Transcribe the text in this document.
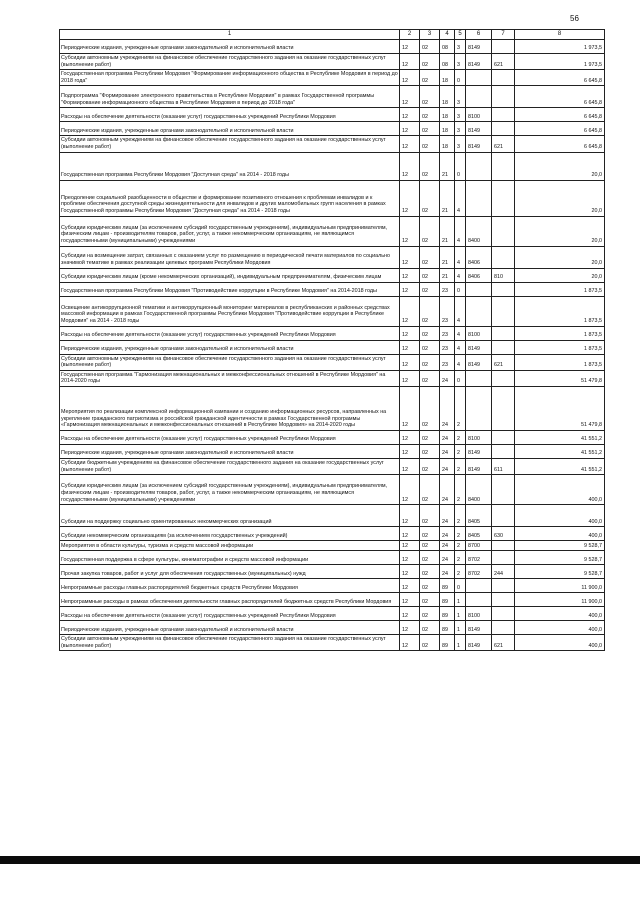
56
1	2	3	4	5	6	7	8
Периодические издания, учрежденные органами законодательной и исполнительной власти	12	02	08	3	8149		1 973,5
Субсидии автономным учреждениям на финансовое обеспечение государственного задания на оказание государственных услуг (выполнение работ)	12	02	08	3	8149	621	1 973,5
Государственная программа Республики Мордовия "Формирование информационного общества в Республике Мордовия в период до 2018 года"	12	02	18	0			6 645,8
Подпрограмма "Формирование электронного правительства в Республике Мордовия" в рамках Государственной программы "Формирование информационного общества в Республике Мордовия в период до 2018 года"	12	02	18	3			6 645,8
Расходы на обеспечение деятельности (оказание услуг) государственных учреждений Республики Мордовия	12	02	18	3	8100		6 645,8
Периодические издания, учрежденные органами законодательной и исполнительной власти	12	02	18	3	8149		6 645,8
Субсидии автономным учреждениям на финансовое обеспечение государственного задания на оказание государственных услуг (выполнение работ)	12	02	18	3	8149	621	6 645,8
Государственная программа Республики Мордовия "Доступная среда" на 2014 - 2018 годы	12	02	21	0			20,0
Преодоление социальной разобщенности в обществе и формирование позитивного отношения к проблемам инвалидов и к проблеме обеспечения доступной среды жизнедеятельности для инвалидов и других маломобильных групп населения в рамках Государственной программы Республики Мордовия "Доступная среда" на 2014 - 2018 годы	12	02	21	4			20,0
Субсидии юридическим лицам (за исключением субсидий государственным учреждениям), индивидуальным предпринимателям, физическим лицам - производителям товаров, работ, услуг, а также некоммерческим организациям, не являющимся государственными (муниципальными) учреждениями	12	02	21	4	8400		20,0
Субсидии на возмещение затрат, связанных с оказанием услуг по размещению в периодической печати материалов по социально значимой тематике в рамках реализации целевых программ Республики Мордовия	12	02	21	4	8406		20,0
Субсидии юридическим лицам (кроме некоммерческих организаций), индивидуальным предпринимателям, физическим лицам	12	02	21	4	8406	810	20,0
Государственная программа Республики Мордовия "Противодействие коррупции в Республике Мордовия" на 2014-2018 годы	12	02	23	0			1 873,5
Освещение антикоррупционной тематики и антикоррупционный мониторинг материалов в республиканских и районных средствах массовой информации в рамках Государственной программы Республики Мордовия "Противодействие коррупции в Республике Мордовия" на 2014 - 2018 годы	12	02	23	4			1 873,5
Расходы на обеспечение деятельности (оказание услуг) государственных учреждений Республики Мордовия	12	02	23	4	8100		1 873,5
Периодические издания, учрежденные органами законодательной и исполнительной власти	12	02	23	4	8149		1 873,5
Субсидии автономным учреждениям на финансовое обеспечение государственного задания на оказание государственных услуг (выполнение работ)	12	02	23	4	8149	621	1 873,5
Государственная программа "Гармонизация межнациональных и межконфессиональных отношений в Республике Мордовия" на 2014-2020 годы	12	02	24	0			51 479,8
Мероприятия по реализации комплексной информационной кампании и созданию информационных ресурсов, направленных на укрепление гражданского патриотизма и российской гражданской идентичности в рамках Государственной программы «Гармонизация межнациональных и межконфессиональных отношений в Республике Мордовия» на 2014-2020 годы	12	02	24	2			51 479,8
Расходы на обеспечение деятельности (оказание услуг) государственных учреждений Республики Мордовия	12	02	24	2	8100		41 551,2
Периодические издания, учрежденные органами законодательной и исполнительной власти	12	02	24	2	8149		41 551,2
Субсидии бюджетным учреждениям на финансовое обеспечение государственного задания на оказание государственных услуг (выполнение работ)	12	02	24	2	8149	611	41 551,2
Субсидии юридическим лицам (за исключением субсидий государственным учреждениям), индивидуальным предпринимателям, физическим лицам - производителям товаров, работ, услуг, а также некоммерческим организациям, не являющимся государственными (муниципальными) учреждениями	12	02	24	2	8400		400,0
Субсидии на поддержку социально ориентированных некоммерческих организаций	12	02	24	2	8405		400,0
Субсидии некоммерческим организациям (за исключением государственных учреждений)	12	02	24	2	8405	630	400,0
Мероприятия в области культуры, туризма и средств массовой информации	12	02	24	2	8700		9 528,7
Государственная поддержка в сфере культуры, кинематографии и средств массовой информации	12	02	24	2	8702		9 528,7
Прочая закупка товаров, работ и услуг для обеспечения государственных (муниципальных) нужд	12	02	24	2	8702	244	9 528,7
Непрограммные расходы главных распорядителей бюджетных средств Республики Мордовия	12	02	89	0			11 900,0
Непрограммные расходы в рамках обеспечения деятельности главных распорядителей бюджетных средств Республики Мордовия	12	02	89	1			11 900,0
Расходы на обеспечение деятельности (оказание услуг) государственных учреждений Республики Мордовия	12	02	89	1	8100		400,0
Периодические издания, учрежденные органами законодательной и исполнительной власти	12	02	89	1	8149		400,0
Субсидии автономным учреждениям на финансовое обеспечение государственного задания на оказание государственных услуг (выполнение работ)	12	02	89	1	8149	621	400,0
